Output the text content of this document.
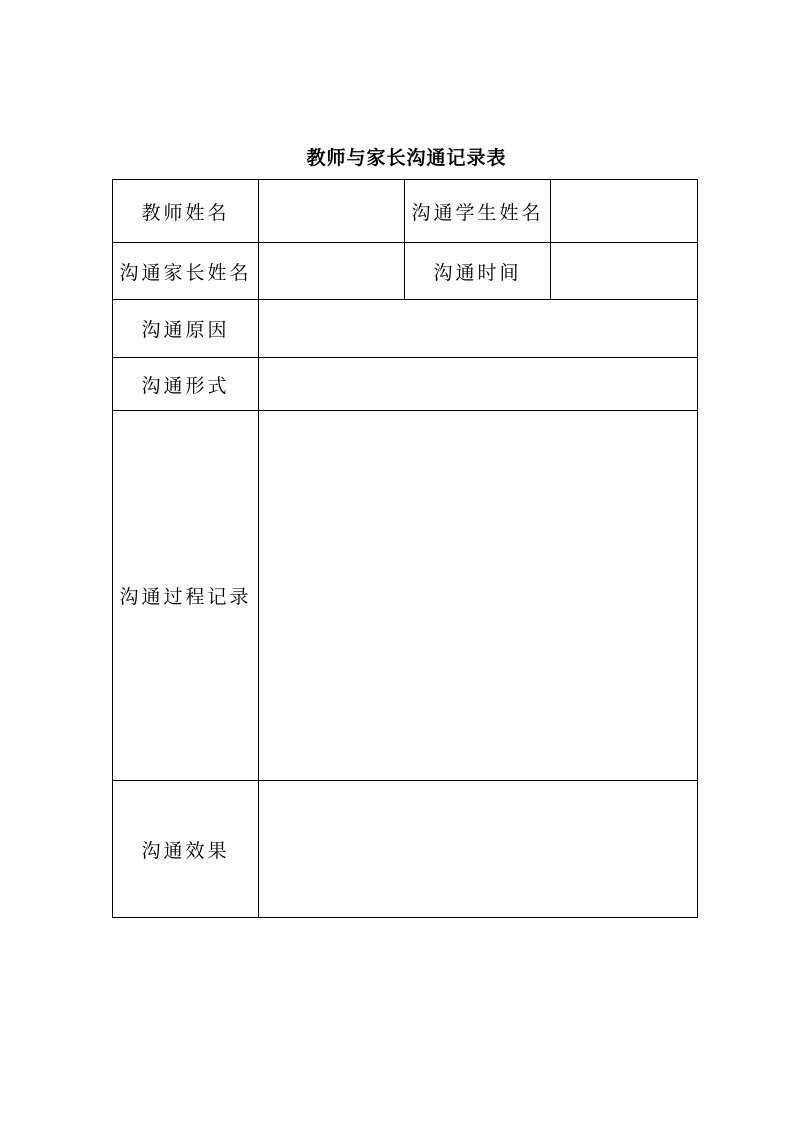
教师与家长沟通记录表
教师姓名		沟通学生姓名	
沟通家长姓名		沟通时间	
沟通原因			
沟通形式			
沟通过程记录			
沟通效果			
